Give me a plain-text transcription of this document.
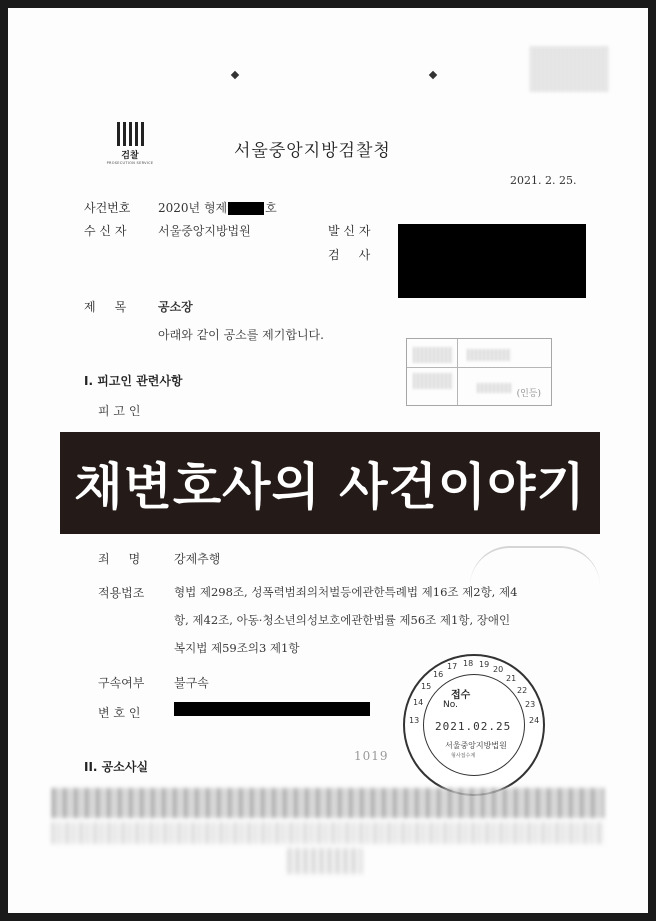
검찰
PROSECUTION SERVICE
서울중앙지방검찰청
2021. 2. 25.
사건번호 2020년 형제	호
수 신 자	서울중앙지방법원	발 신 자
검     사
제     목	공소장
아래와 같이 공소를 제기합니다.
(인등)
I. 피고인 관련사항
피 고 인
채변호사의 사건이야기
죄     명	강제추행
적용법조	형법 제298조, 성폭력범죄의처벌등에관한특례법 제16조 제2항, 제4
항, 제42조, 아동·청소년의성보호에관한법률 제56조 제1항, 장애인
복지법 제59조의3 제1항
구속여부 불구속
변 호 인
13
14
15
16
17 18 19
20
21
22
23
24
접수
No.
2021.02.25
서울중앙지방법원
형사접수계
1019
II. 공소사실
